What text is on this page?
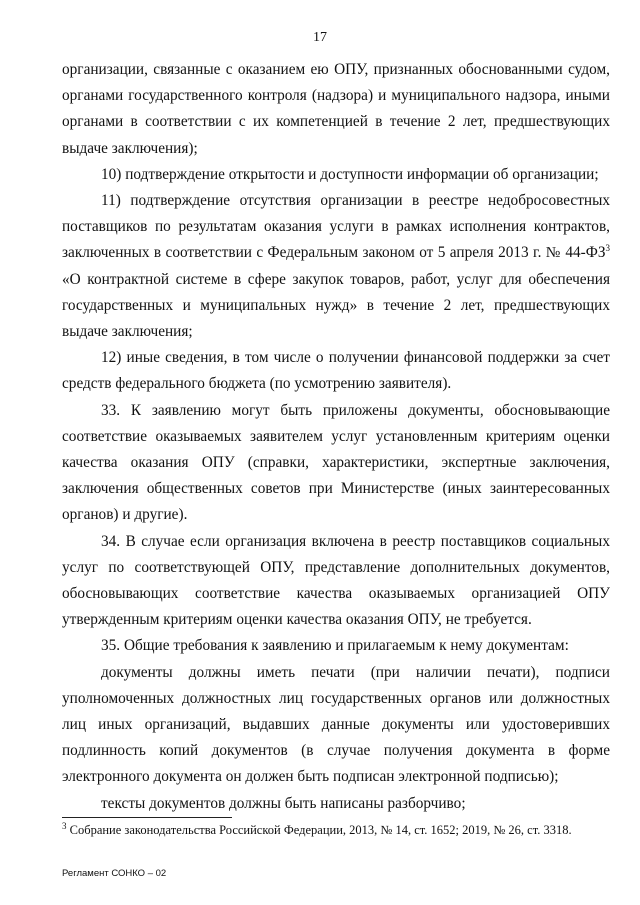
17

организации, связанные с оказанием ею ОПУ, признанных обоснованными судом, органами государственного контроля (надзора) и муниципального надзора, иными органами в соответствии с их компетенцией в течение 2 лет, предшествующих выдаче заключения);

10) подтверждение открытости и доступности информации об организации;

11) подтверждение отсутствия организации в реестре недобросовестных поставщиков по результатам оказания услуги в рамках исполнения контрактов, заключенных в соответствии с Федеральным законом от 5 апреля 2013 г. № $44-ФЗ^3$ «О контрактной системе в сфере закупок товаров, работ, услуг для обеспечения государственных и муниципальных нужд» в течение 2 лет, предшествующих выдаче заключения;

12) иные сведения, в том числе о получении финансовой поддержки за счет средств федерального бюджета (по усмотрению заявителя).

33. К заявлению могут быть приложены документы, обосновывающие соответствие оказываемых заявителем услуг установленным критериям оценки качества оказания ОПУ (справки, характеристики, экспертные заключения, заключения общественных советов при Министерстве (иных заинтересованных органов) и другие).

34. В случае если организация включена в реестр поставщиков социальных услуг по соответствующей ОПУ, представление дополнительных документов, обосновывающих соответствие качества оказываемых организацией ОПУ утвержденным критериям оценки качества оказания ОПУ, не требуется.

35. Общие требования к заявлению и прилагаемым к нему документам:

документы должны иметь печати (при наличии печати), подписи уполномоченных должностных лиц государственных органов или должностных лиц иных организаций, выдавших данные документы или удостоверивших подлинность копий документов (в случае получения документа в форме электронного документа он должен быть подписан электронной подписью);

тексты документов должны быть написаны разборчиво;

$^3$ Собрание законодательства Российской Федерации, 2013, № 14, ст. 1652; 2019, № 26, ст. 3318.
Регламент СОНКО – 02
